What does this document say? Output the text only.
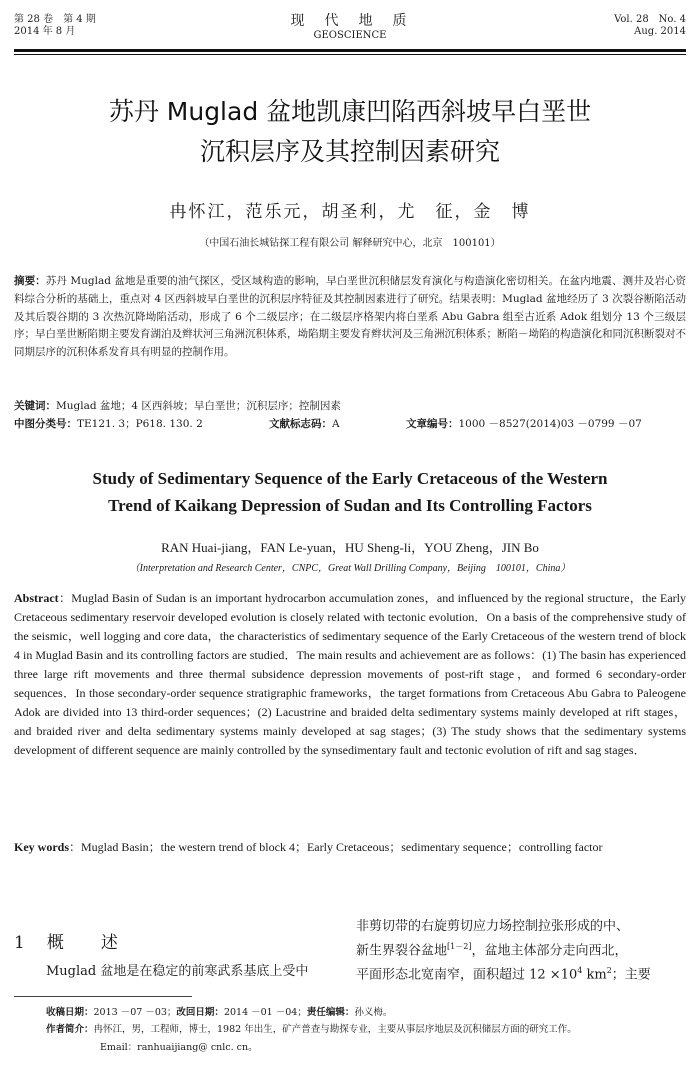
第 28 卷　第 4 期
2014 年 8 月
现　代　地　质
GEOSCIENCE
Vol. 28　No. 4
Aug. 2014
苏丹 Muglad 盆地凯康凹陷西斜坡早白垩世
沉积层序及其控制因素研究
冉怀江，范乐元，胡圣利，尤　征，金　博
（中国石油长城钻探工程有限公司 解释研究中心，北京　100101）
摘要：苏丹 Muglad 盆地是重要的油气探区，受区域构造的影响，早白垩世沉积储层发育演化与构造演化密切相关。在盆内地震、测井及岩心资料综合分析的基础上，重点对 4 区西斜坡早白垩世的沉积层序特征及其控制因素进行了研究。结果表明：Muglad 盆地经历了 3 次裂谷断陷活动及其后裂谷期的 3 次热沉降坳陷活动，形成了 6 个二级层序；在二级层序格架内将白垩系 Abu Gabra 组至古近系 Adok 组划分 13 个三级层序；早白垩世断陷期主要发育湖泊及辫状河三角洲沉积体系，坳陷期主要发育辫状河及三角洲沉积体系；断陷－坳陷的构造演化和同沉积断裂对不同期层序的沉积体系发育具有明显的控制作用。
关键词：Muglad 盆地；4 区西斜坡；早白垩世；沉积层序；控制因素
中图分类号：TE121. 3；P618. 130. 2	文献标志码：A	文章编号：1000 －8527(2014)03 －0799 －07
Study of Sedimentary Sequence of the Early Cretaceous of the Western
Trend of Kaikang Depression of Sudan and Its Controlling Factors
RAN Huai-jiang，FAN Le-yuan，HU Sheng-li，YOU Zheng，JIN Bo
（Interpretation and Research Center，CNPC，Great Wall Drilling Company，Beijing　100101，China）
Abstract：Muglad Basin of Sudan is an important hydrocarbon accumulation zones，and influenced by the regional structure，the Early Cretaceous sedimentary reservoir developed evolution is closely related with tectonic evolution．On a basis of the comprehensive study of the seismic，well logging and core data，the characteristics of sedimentary sequence of the Early Cretaceous of the western trend of block 4 in Muglad Basin and its controlling factors are studied．The main results and achievement are as follows：(1) The basin has experienced three large rift movements and three thermal subsidence depression movements of post-rift stage，and formed 6 secondary-order sequences．In those secondary-order sequence stratigraphic frameworks，the target formations from Cretaceous Abu Gabra to Paleogene Adok are divided into 13 third-order sequences；(2) Lacustrine and braided delta sedimentary systems mainly developed at rift stages，and braided river and delta sedimentary systems mainly developed at sag stages；(3) The study shows that the sedimentary systems development of different sequence are mainly controlled by the synsedimentary fault and tectonic evolution of rift and sag stages．
Key words：Muglad Basin；the western trend of block 4；Early Cretaceous；sedimentary sequence；controlling factor
1 概　述
Muglad 盆地是在稳定的前寒武系基底上受中
非剪切带的右旋剪切应力场控制拉张形成的中、
新生界裂谷盆地[1－2]，盆地主体部分走向西北，
平面形态北宽南窄，面积超过 $12 \times 10^4$ $km^2$；主要
收稿日期：2013 －07 －03；改回日期：2014 －01 －04；责任编辑：孙义梅。
作者简介：冉怀江，男，工程师，博士，1982 年出生，矿产普查与勘探专业，主要从事层序地层及沉积储层方面的研究工作。
Email：ranhuaijiang@ cnlc. cn。
